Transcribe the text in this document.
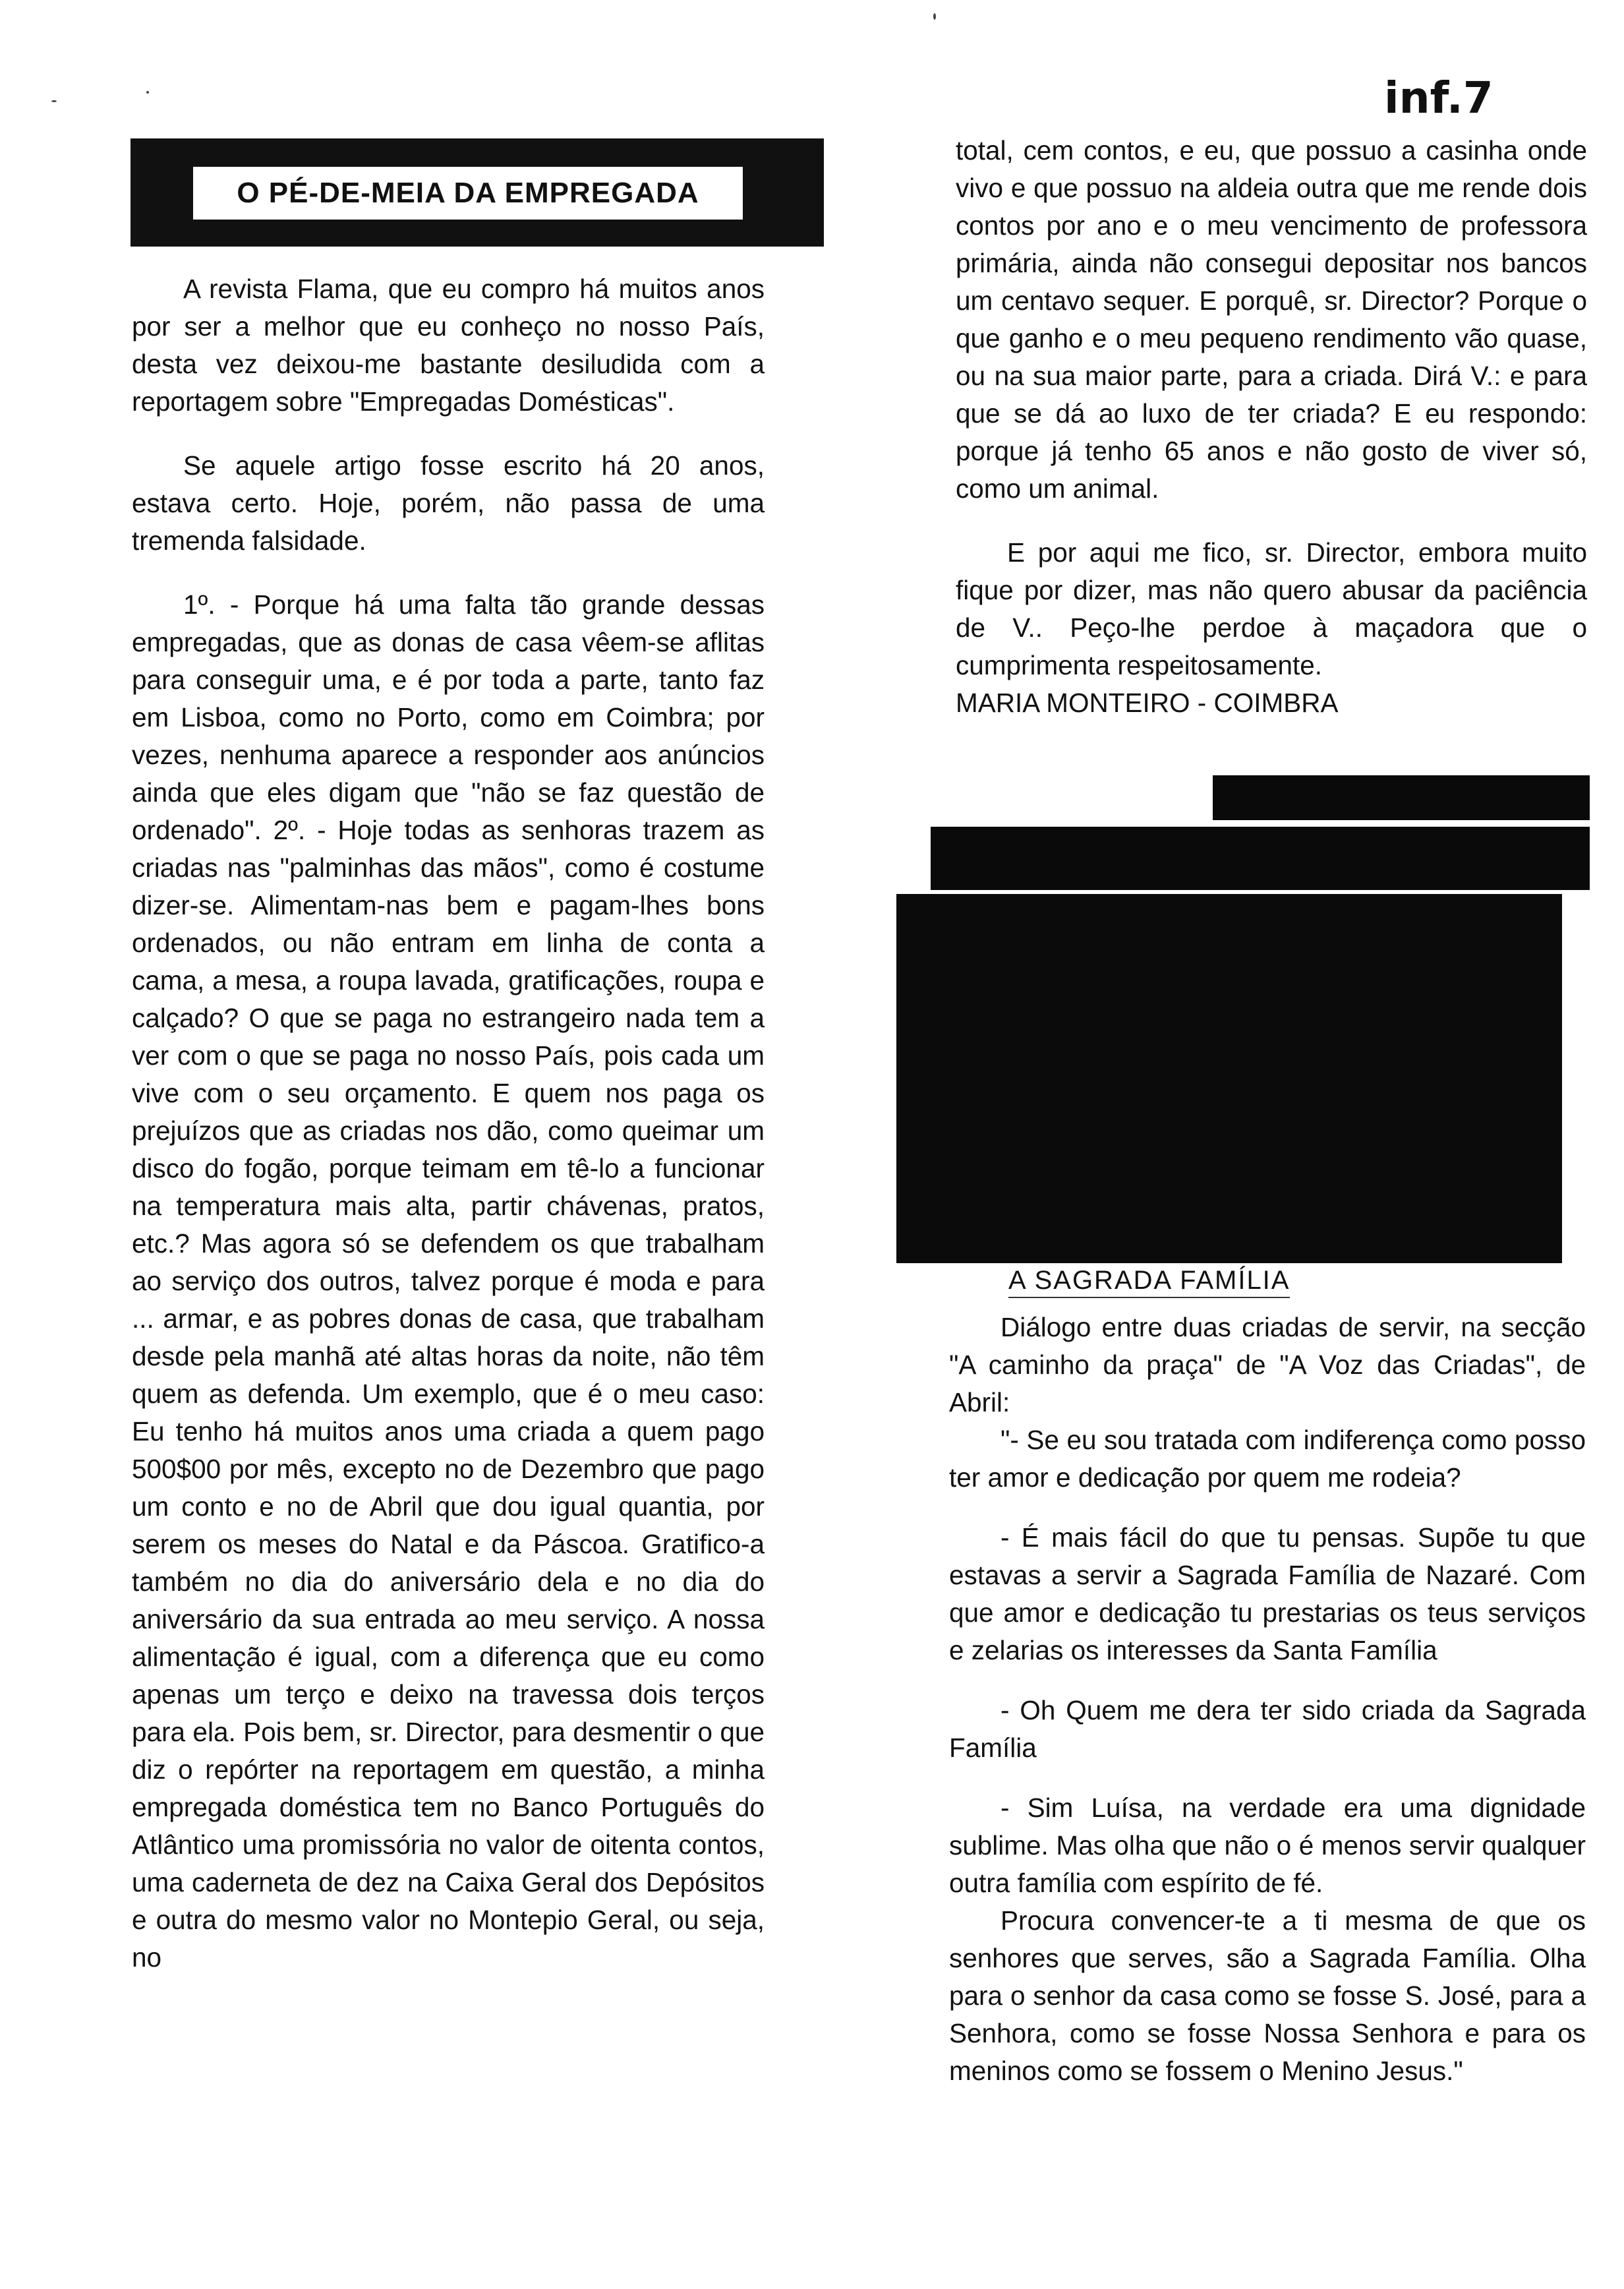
inf.7
O PÉ-DE-MEIA DA EMPREGADA

A revista Flama, que eu compro há muitos anos por ser a melhor que eu conheço no nosso País, desta vez deixou-me bastante desiludida com a reportagem sobre "Empregadas Domésticas".

Se aquele artigo fosse escrito há 20 anos, estava certo. Hoje, porém, não passa de uma tremenda falsidade.

1º. - Porque há uma falta tão grande dessas empregadas, que as donas de casa vêem-se aflitas para conseguir uma, e é por toda a parte, tanto faz em Lisboa, como no Porto, como em Coimbra; por vezes, nenhuma aparece a responder aos anúncios ainda que eles digam que "não se faz questão de ordenado". 2º. - Hoje todas as senhoras trazem as criadas nas "palminhas das mãos", como é costume dizer-se. Alimentam-nas bem e pagam-lhes bons ordenados, ou não entram em linha de conta a cama, a mesa, a roupa lavada, gratificações, roupa e calçado? O que se paga no estrangeiro nada tem a ver com o que se paga no nosso País, pois cada um vive com o seu orçamento. E quem nos paga os prejuízos que as criadas nos dão, como queimar um disco do fogão, porque teimam em tê-lo a funcionar na temperatura mais alta, partir chávenas, pratos, etc.? Mas agora só se defendem os que trabalham ao serviço dos outros, talvez porque é moda e para ... armar, e as pobres donas de casa, que trabalham desde pela manhã até altas horas da noite, não têm quem as defenda. Um exemplo, que é o meu caso: Eu tenho há muitos anos uma criada a quem pago 500$00 por mês, excepto no de Dezembro que pago um conto e no de Abril que dou igual quantia, por serem os meses do Natal e da Páscoa. Gratifico-a também no dia do aniversário dela e no dia do aniversário da sua entrada ao meu serviço. A nossa alimentação é igual, com a diferença que eu como apenas um terço e deixo na travessa dois terços para ela. Pois bem, sr. Director, para desmentir o que diz o repórter na reportagem em questão, a minha empregada doméstica tem no Banco Português do Atlântico uma promissória no valor de oitenta contos, uma caderneta de dez na Caixa Geral dos Depósitos e outra do mesmo valor no Montepio Geral, ou seja, no

total, cem contos, e eu, que possuo a casinha onde vivo e que possuo na aldeia outra que me rende dois contos por ano e o meu vencimento de professora primária, ainda não consegui depositar nos bancos um centavo sequer. E porquê, sr. Director? Porque o que ganho e o meu pequeno rendimento vão quase, ou na sua maior parte, para a criada. Dirá V.: e para que se dá ao luxo de ter criada? E eu respondo: porque já tenho 65 anos e não gosto de viver só, como um animal.

E por aqui me fico, sr. Director, embora muito fique por dizer, mas não quero abusar da paciência de V.. Peço-lhe perdoe à maçadora que o cumprimenta respeitosamente.

MARIA MONTEIRO - COIMBRA

A SAGRADA FAMÍLIA

Diálogo entre duas criadas de servir, na secção "A caminho da praça" de "A Voz das Criadas", de Abril:

"- Se eu sou tratada com indiferença como posso ter amor e dedicação por quem me rodeia?

- É mais fácil do que tu pensas. Supõe tu que estavas a servir a Sagrada Família de Nazaré. Com que amor e dedicação tu prestarias os teus serviços e zelarias os interesses da Santa Família

- Oh Quem me dera ter sido criada da Sagrada Família

- Sim Luísa, na verdade era uma dignidade sublime. Mas olha que não o é menos servir qualquer outra família com espírito de fé.

Procura convencer-te a ti mesma de que os senhores que serves, são a Sagrada Família. Olha para o senhor da casa como se fosse S. José, para a Senhora, como se fosse Nossa Senhora e para os meninos como se fossem o Menino Jesus."
